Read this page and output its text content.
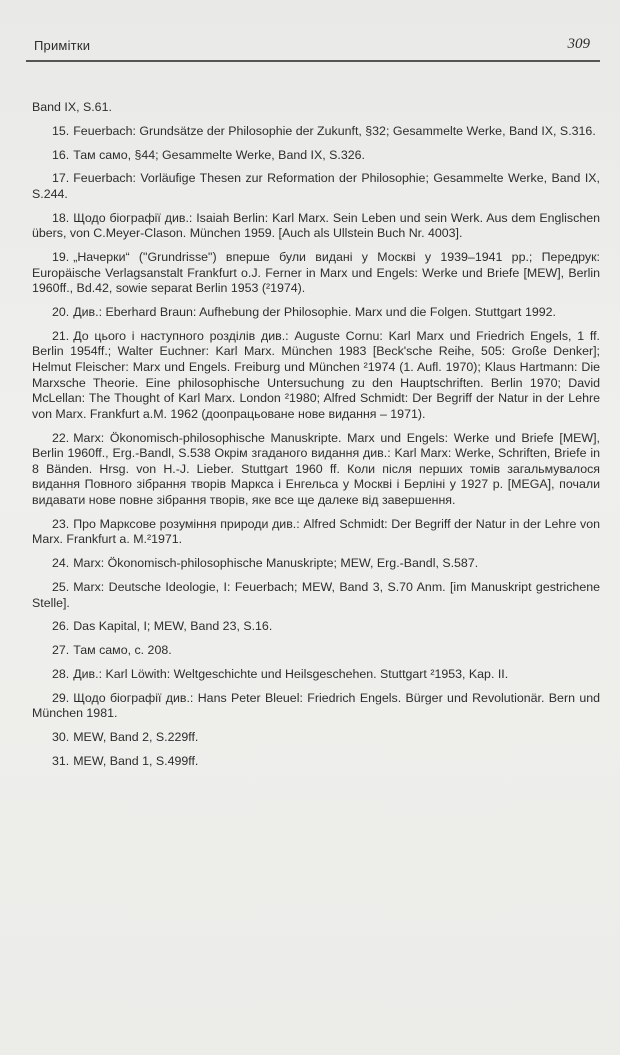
Примітки	309

Band IX, S.61.

15. Feuerbach: Grundsätze der Philosophie der Zukunft, §32; Gesammelte Werke, Band IX, S.316.

16. Там само, §44; Gesammelte Werke, Band IX, S.326.

17. Feuerbach: Vorläufige Thesen zur Reformation der Philosophie; Gesammelte Werke, Band IX, S.244.

18. Щодо біографії див.: Isaiah Berlin: Karl Marx. Sein Leben und sein Werk. Aus dem Englischen übers, von C.Meyer-Clason. München 1959. [Auch als Ullstein Buch Nr. 4003].

19. „Начерки“ ("Grundrisse") вперше були видані у Москві у 1939–1941 рр.; Передрук: Europäische Verlagsanstalt Frankfurt o.J. Ferner in Marx und Engels: Werke und Briefe [MEW], Berlin 1960ff., Bd.42, sowie separat Berlin 1953 (²1974).

20. Див.: Eberhard Braun: Aufhebung der Philosophie. Marx und die Folgen. Stuttgart 1992.

21. До цього і наступного розділів див.: Auguste Cornu: Karl Marx und Friedrich Engels, 1 ff. Berlin 1954ff.; Walter Euchner: Karl Marx. München 1983 [Beck'sche Reihe, 505: Große Denker]; Helmut Fleischer: Marx und Engels. Freiburg und München ²1974 (1. Aufl. 1970); Klaus Hartmann: Die Marxsche Theorie. Eine philosophische Untersuchung zu den Hauptschriften. Berlin 1970; David McLellan: The Thought of Karl Marx. London ²1980; Alfred Schmidt: Der Begriff der Natur in der Lehre von Marx. Frankfurt a.M. 1962 (доопрацьоване нове видання – 1971).

22. Marx: Ökonomisch-philosophische Manuskripte. Marx und Engels: Werke und Briefe [MEW], Berlin 1960ff., Erg.-Bandl, S.538 Окрім згаданого видання див.: Karl Marx: Werke, Schriften, Briefe in 8 Bänden. Hrsg. von H.-J. Lieber. Stuttgart 1960 ff. Коли після перших томів загальмувалося видання Повного зібрання творів Маркса і Енгельса у Москві і Берліні у 1927 р. [MEGA], почали видавати нове повне зібрання творів, яке все ще далеке від завершення.

23. Про Марксове розуміння природи див.: Alfred Schmidt: Der Begriff der Natur in der Lehre von Marx. Frankfurt a. M.²1971.

24. Marx: Ökonomisch-philosophische Manuskripte; MEW, Erg.-Bandl, S.587.

25. Marx: Deutsche Ideologie, I: Feuerbach; MEW, Band 3, S.70 Anm. [im Manuskript gestrichene Stelle].

26. Das Kapital, I; MEW, Band 23, S.16.

27. Там само, с. 208.

28. Див.: Karl Löwith: Weltgeschichte und Heilsgeschehen. Stuttgart ²1953, Kap. II.

29. Щодо біографії див.: Hans Peter Bleuel: Friedrich Engels. Bürger und Revolutionär. Bern und München 1981.

30. MEW, Band 2, S.229ff.

31. MEW, Band 1, S.499ff.
